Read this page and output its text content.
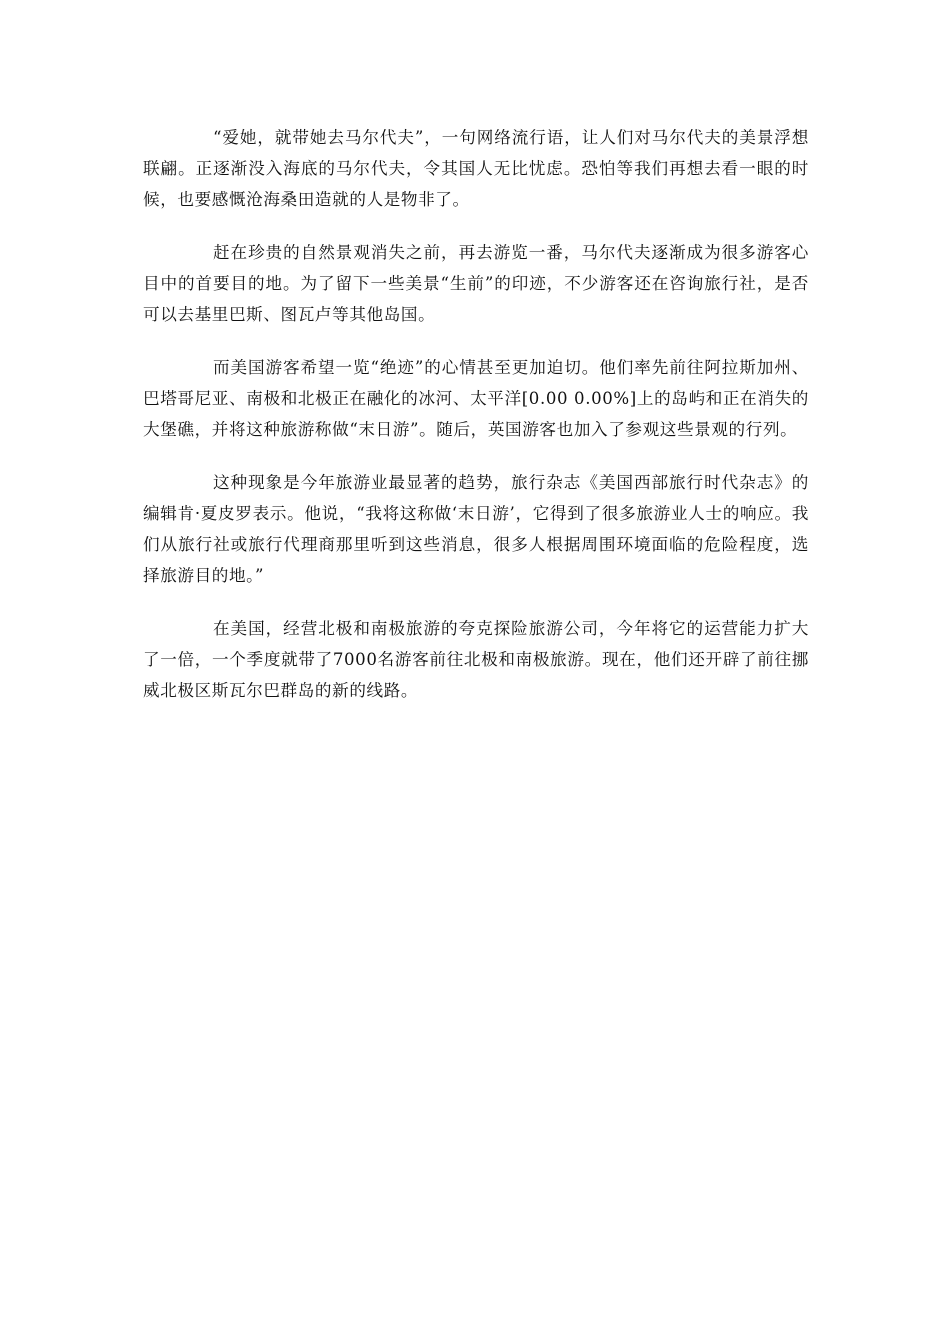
“爱她，就带她去马尔代夫”，一句网络流行语，让人们对马尔代夫的美景浮想联翩。正逐渐没入海底的马尔代夫，令其国人无比忧虑。恐怕等我们再想去看一眼的时候，也要感慨沧海桑田造就的人是物非了。

赶在珍贵的自然景观消失之前，再去游览一番，马尔代夫逐渐成为很多游客心目中的首要目的地。为了留下一些美景“生前”的印迹，不少游客还在咨询旅行社，是否可以去基里巴斯、图瓦卢等其他岛国。

而美国游客希望一览“绝迹”的心情甚至更加迫切。他们率先前往阿拉斯加州、巴塔哥尼亚、南极和北极正在融化的冰河、太平洋[0.00 0.00%]上的岛屿和正在消失的大堡礁，并将这种旅游称做“末日游”。随后，英国游客也加入了参观这些景观的行列。

这种现象是今年旅游业最显著的趋势，旅行杂志《美国西部旅行时代杂志》的编辑肯·夏皮罗表示。他说，“我将这称做‘末日游’，它得到了很多旅游业人士的响应。我们从旅行社或旅行代理商那里听到这些消息，很多人根据周围环境面临的危险程度，选择旅游目的地。”

在美国，经营北极和南极旅游的夸克探险旅游公司，今年将它的运营能力扩大了一倍，一个季度就带了7000名游客前往北极和南极旅游。现在，他们还开辟了前往挪威北极区斯瓦尔巴群岛的新的线路。
